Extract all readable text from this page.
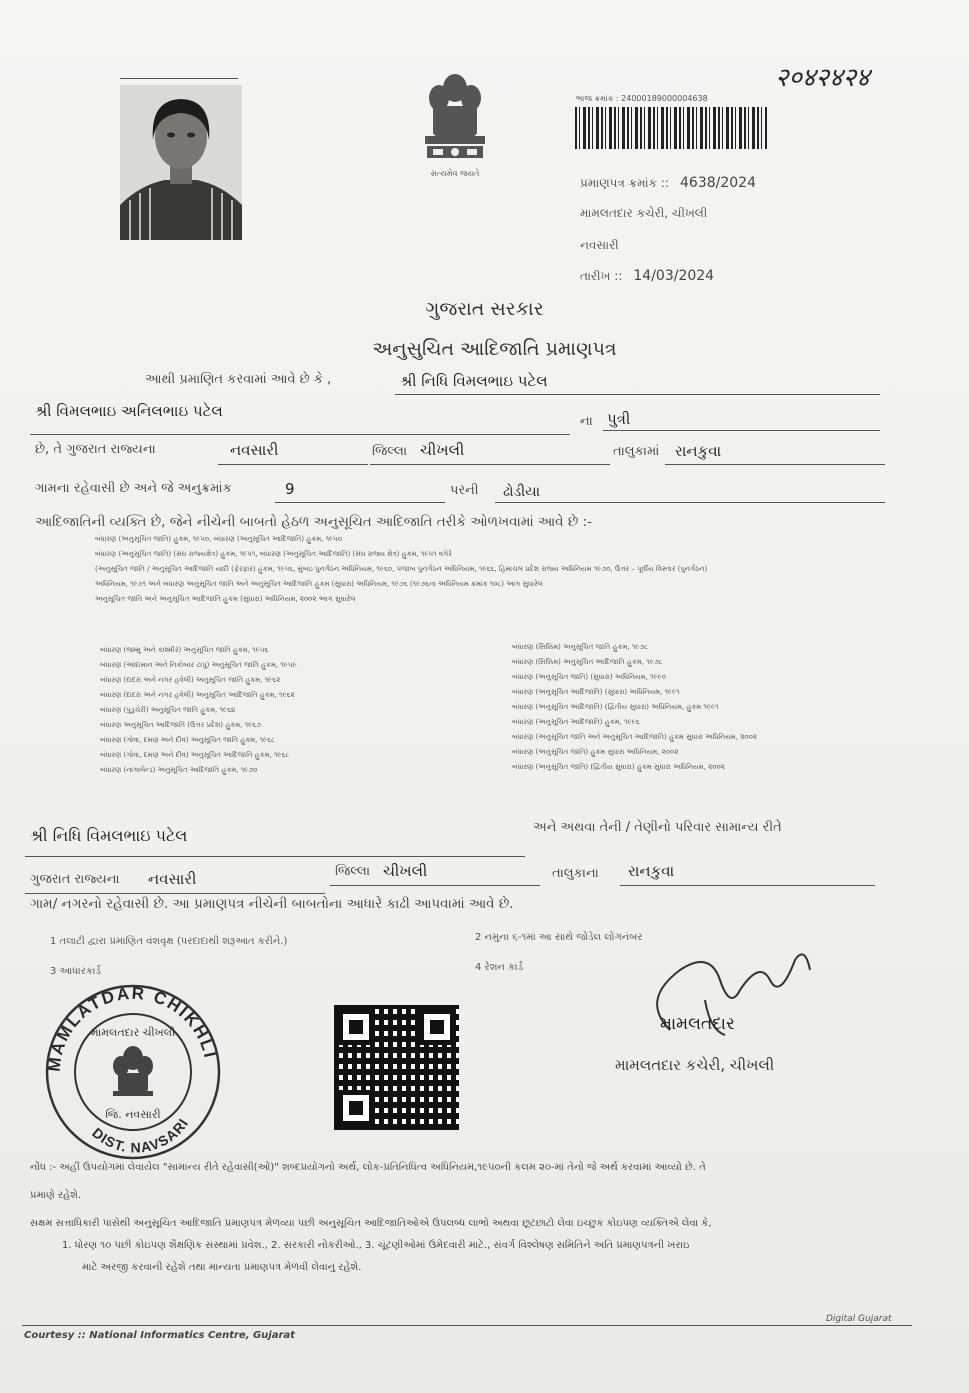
સત્યમેવ જયતે
२०४२४२४
ભાજ ક્રમાંક : 24000189000004638
પ્રમાણપત્ર ક્રમાંક :: 4638/2024
મામલતદાર કચેરી, ચીખલી
નવસારી
તારીખ :: 14/03/2024
ગુજરાત સરકાર
અનુસુચિત આદિજાતિ પ્રમાણપત્ર
આથી પ્રમાણિત કરવામાં આવે છે કે ,	શ્રી નિધિ વિમલભાઇ પટેલ
શ્રી વિમલભાઇ અનિલભાઇ પટેલ
ના પુત્રી
છે, તે ગુજરાત રાજ્યના	નવસારી	જિલ્લા ચીખલી	તાલુકામાં રાનકુવા
ગામના રહેવાસી છે અને જે અનુક્રમાંક	9	પરની ઢોડીયા
આદિજાતિની વ્યક્તિ છે, જેને નીચેની બાબતો હેઠળ અનુસૂચિત આદિજાતિ તરીકે ઓળખવામાં આવે છે :-
બંધારણ (અનુસૂચિત જાતિ) હુકમ, ૧૯૫૦, બંધારણ (અનુસૂચિત આદિજાતિ) હુકમ, ૧૯૫૦
બંધારણ (અનુસૂચિત જાતિ) (સંઘ રાજ્યક્ષેત્ર) હુકમ, ૧૯૫૧, બંધારણ (અનુસૂચિત આદિજાતિ) (સંઘ રાજ્ય ક્ષેત્ર) હુકમ, ૧૯૫૧ વગેરે
(અનુસૂચિત જાતિ / અનુસૂચિત આદિજાતિ યાદી (ફેરફાર) હુકમ, ૧૯૫૬, મુંબઇ પુનર્ગઠન અધિનિયમ, ૧૯૬૦, પંજાબ પુનર્ગઠન અધિનિયમ, ૧૯૬૬, હિમાચલ પ્રદેશ રાજ્ય અધિનિયમ ૧૯૭૦, ઉત્તર – પૂર્વીય વિસ્તાર (પુનર્ગઠન)
અધિનિયમ, ૧૯૭૧ અને બંધારણ અનુસૂચિત જાતિ અને અનુસૂચિત આદિજાતિ હુકમ (સુધારા) અધિનિયમ, ૧૯૭૬ (૧૯૭૬ના અધિનિયમ ક્રમાંક ૧૦૮) આગ સુધારેલ
અનુસૂચિત જાતિ અને અનુસૂચિત આદિજાતિ હુકમ (સુધારા) અધિનિયમ, ૨૦૦૨ આગ સુધારેલ
બંધારણ (જમ્મુ અને કાશ્મીર) અનુસૂચિત જાતિ હુકમ, ૧૯૫૬
બંધારણ (આંદામાન અને નિકોબાર ટાપુ) અનુસૂચિત જાતિ હુકમ, ૧૯૫૯
બંધારણ (દાદરા અને નગર હવેલી) અનુસૂચિત જાતિ હુકમ, ૧૯૬૨
બંધારણ (દાદરા અને નગર હવેલી) અનુસૂચિત આદિજાતિ હુકમ, ૧૯૬૨
બંધારણ (પુડુચેરી) અનુસૂચિત જાતિ હુકમ, ૧૯૬૪
બંધારણ અનુસૂચિત આદિજાતિ (ઉત્તર પ્રદેશ) હુકમ, ૧૯૬૭
બંધારણ (ગોવા, દમણ અને દીવ) અનુસૂચિત જાતિ હુકમ, ૧૯૬૮
બંધારણ (ગોવા, દમણ અને દીવ) અનુસૂચિત આદિજાતિ હુકમ, ૧૯૬૮
બંધારણ (નાગાલેન્ડ) અનુસૂચિત આદિજાતિ હુકમ, ૧૯૭૦
બંધારણ (સિક્કિમ) અનુસૂચિત જાતિ હુકમ, ૧૯૭૮
બંધારણ (સિક્કિમ) અનુસૂચિત આદિજાતિ હુકમ, ૧૯૭૮
બંધારણ (અનુસૂચિત જાતિ) (સુધારા) અધિનિયમ, ૧૯૯૦
બંધારણ (અનુસૂચિત આદિજાતિ) (સુધારા) અધિનિયમ, ૧૯૯૧
બંધારણ (અનુસૂચિત આદિજાતિ) (દ્વિતીય સુધારા) અધિનિયમ, હુકમ ૧૯૯૧
બંધારણ (અનુસૂચિત આદિજાતિ) હુકમ, ૧૯૯૬
બંધારણ (અનુસૂચિત જાતિ અને અનુસૂચિત આદિજાતિ) હુકમ સુધારા અધિનિયમ, ૨૦૦૨
બંધારણ (અનુસૂચિત જાતિ) હુકમ સુધારા અધિનિયમ, ૨૦૦૨
બંધારણ (અનુસૂચિત જાતિ) (દ્વિતીય સુધારા) હુકમ સુધારા અધિનિયમ, ૨૦૦૨
શ્રી નિધિ વિમલભાઇ પટેલ	અને અથવા તેની / તેણીનો પરિવાર સામાન્ય રીતે
ગુજરાત રાજ્યના નવસારી	જિલ્લા ચીખલી	તાલુકાના રાનકુવા
ગામ/ નગરનો રહેવાસી છે. આ પ્રમાણપત્ર નીચેની બાબતોના આધારે કાઢી આપવામાં આવે છે.
1 તલાટી દ્વારા પ્રમાણિત વંશવૃક્ષ (પરદાદાથી શરૂઆત કરીને.)	2 નમુના ૬-૧માં આ સાથે જોડેલ લોગનંબર
3 આધારકાર્ડ	4 રેશન કાર્ડ
MAMLATDAR CHIKHLI
DIST. NAVSARI
મામલતદાર ચીખલી
જિ. નવસારી
મામલતદાર
મામલતદાર કચેરી, ચીખલી
નોંધ :- અહીં ઉપયોગમાં લેવાયેલ "સામાન્ય રીતે રહેવાસી(ઓ)" શબ્દપ્રયોગનો અર્થ, લોક-પ્રતિનિધિત્વ અધિનિયમ,૧૯૫૦ની કલમ ૨૦-માં તેનો જે અર્થ કરવામાં આવ્યો છે. તે
પ્રમાણે રહેશે.
સક્ષમ સત્તાધિકારી પાસેથી અનુસૂચિત આદિજાતિ પ્રમાણપત્ર મેળવ્યા પછી અનુસૂચિત આદિજાતિઓએ ઉપલબ્ધ લાભો અથવા છૂટછાટો લેવા ઇચ્છુક કોઇપણ વ્યક્તિએ લેવા કે,
1. ધોરણ ૧૦ પછી કોઇપણ શૈક્ષણિક સંસ્થામાં પ્રવેશ., 2. સરકારી નોકરીઓ., 3. ચૂંટણીઓમાં ઉમેદવારી માટે., સંવર્ગ વિશ્લેષણ સમિતિને અતિ પ્રમાણપત્રની ખરાઇ
માટે અરજી કરવાની રહેશે તથા માન્યતા પ્રમાણપત્ર મેળવી લેવાનું રહેશે.
Courtesy :: National Informatics Centre, Gujarat
Digital Gujarat
